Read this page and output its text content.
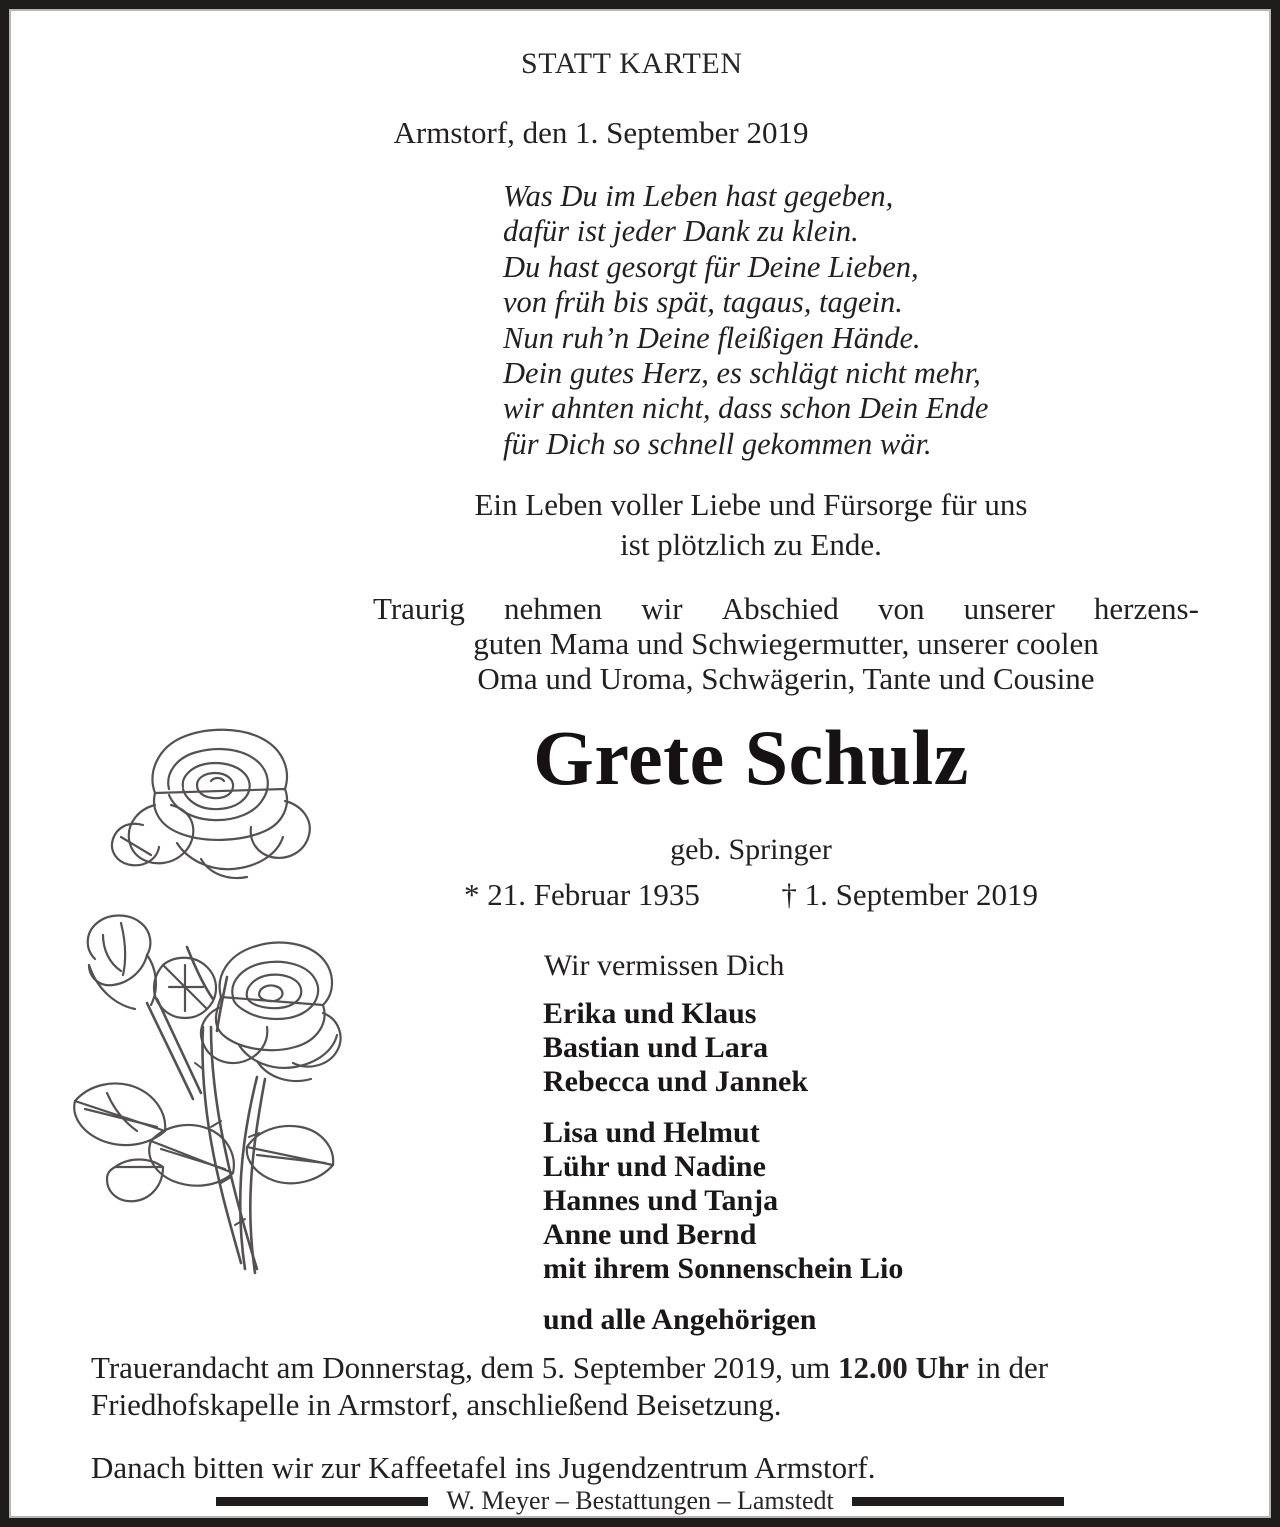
STATT KARTEN
Armstorf, den 1. September 2019
Was Du im Leben hast gegeben,
dafür ist jeder Dank zu klein.
Du hast gesorgt für Deine Lieben,
von früh bis spät, tagaus, tagein.
Nun ruh’n Deine fleißigen Hände.
Dein gutes Herz, es schlägt nicht mehr,
wir ahnten nicht, dass schon Dein Ende
für Dich so schnell gekommen wär.
Ein Leben voller Liebe und Fürsorge für uns
ist plötzlich zu Ende.
Traurig nehmen wir Abschied von unserer herzens-
guten Mama und Schwiegermutter, unserer coolen
Oma und Uroma, Schwägerin, Tante und Cousine
Grete Schulz
geb. Springer
* 21. Februar 1935	† 1. September 2019
Wir vermissen Dich
Erika und Klaus
Bastian und Lara
Rebecca und Jannek
Lisa und Helmut
Lühr und Nadine
Hannes und Tanja
Anne und Bernd
mit ihrem Sonnenschein Lio
und alle Angehörigen
Trauerandacht am Donnerstag, dem 5. September 2019, um 12.00 Uhr in der Friedhofskapelle in Armstorf, anschließend Beisetzung.
Danach bitten wir zur Kaffeetafel ins Jugendzentrum Armstorf.
W. Meyer – Bestattungen – Lamstedt
